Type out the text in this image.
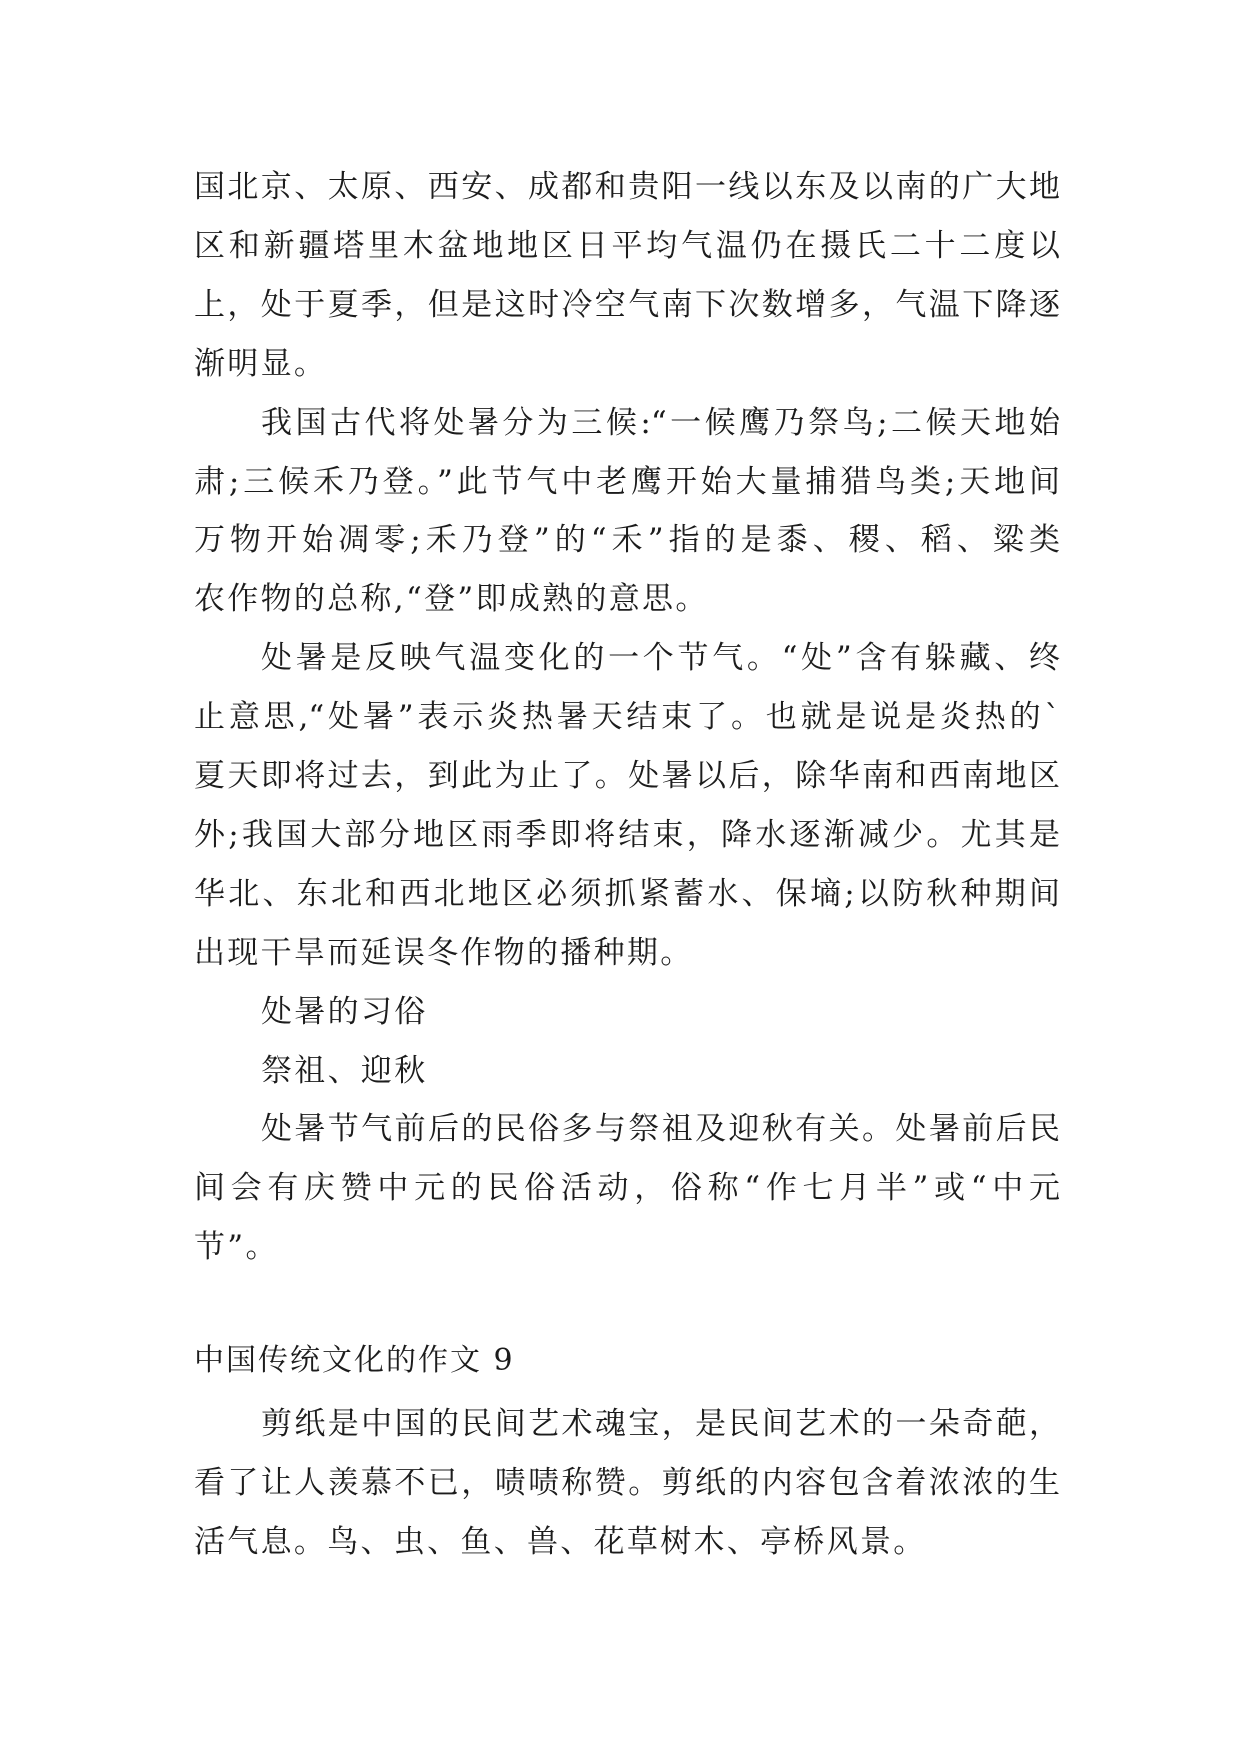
国北京、太原、西安、成都和贵阳一线以东及以南的广大地
区和新疆塔里木盆地地区日平均气温仍在摄氏二十二度以
上，处于夏季，但是这时冷空气南下次数增多，气温下降逐
渐明显。
我国古代将处暑分为三候:“一候鹰乃祭鸟;二候天地始
肃;三候禾乃登。”此节气中老鹰开始大量捕猎鸟类;天地间
万物开始凋零;禾乃登”的“禾”指的是黍、稷、稻、粱类
农作物的总称,“登”即成熟的意思。
处暑是反映气温变化的一个节气。“处”含有躲藏、终
止意思,“处暑”表示炎热暑天结束了。也就是说是炎热的`
夏天即将过去，到此为止了。处暑以后，除华南和西南地区
外;我国大部分地区雨季即将结束，降水逐渐减少。尤其是
华北、东北和西北地区必须抓紧蓄水、保墒;以防秋种期间
出现干旱而延误冬作物的播种期。
处暑的习俗
祭祖、迎秋
处暑节气前后的民俗多与祭祖及迎秋有关。处暑前后民
间会有庆赞中元的民俗活动，俗称“作七月半”或“中元
节”。
中国传统文化的作文 9
剪纸是中国的民间艺术魂宝，是民间艺术的一朵奇葩，
看了让人羡慕不已，啧啧称赞。剪纸的内容包含着浓浓的生
活气息。鸟、虫、鱼、兽、花草树木、亭桥风景。
